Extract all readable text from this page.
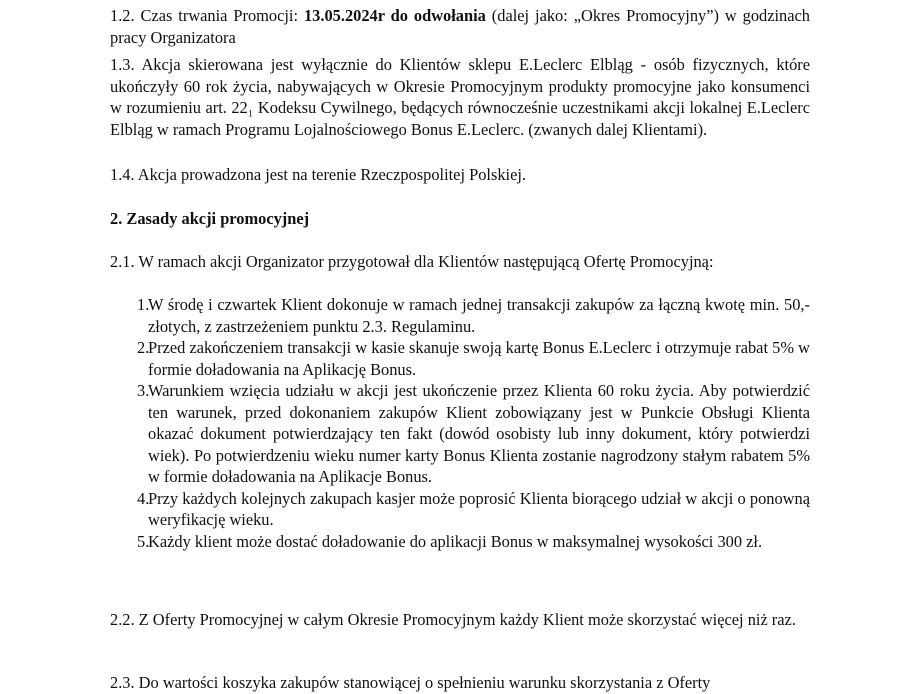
1.2. Czas trwania Promocji: 13.05.2024r do odwołania (dalej jako: „Okres Promocyjny”) w godzinach pracy Organizatora

1.3. Akcja skierowana jest wyłącznie do Klientów sklepu E.Leclerc Elbląg - osób fizycznych, które ukończyły 60 rok życia, nabywających w Okresie Promocyjnym produkty promocyjne jako konsumenci w rozumieniu art. 22₁ Kodeksu Cywilnego, będących równocześnie uczestnikami akcji lokalnej E.Leclerc Elbląg w ramach Programu Lojalnościowego Bonus E.Leclerc. (zwanych dalej Klientami).

1.4. Akcja prowadzona jest na terenie Rzeczpospolitej Polskiej.

2. Zasady akcji promocyjnej

2.1. W ramach akcji Organizator przygotował dla Klientów następującą Ofertę Promocyjną:

1.
W środę i czwartek Klient dokonuje w ramach jednej transakcji zakupów za łączną kwotę min. 50,- złotych, z zastrzeżeniem punktu 2.3. Regulaminu.
2.
Przed zakończeniem transakcji w kasie skanuje swoją kartę Bonus E.Leclerc i otrzymuje rabat 5% w formie doładowania na Aplikację Bonus.
3.
Warunkiem wzięcia udziału w akcji jest ukończenie przez Klienta 60 roku życia. Aby potwierdzić ten warunek, przed dokonaniem zakupów Klient zobowiązany jest w Punkcie Obsługi Klienta okazać dokument potwierdzający ten fakt (dowód osobisty lub inny dokument, który potwierdzi wiek). Po potwierdzeniu wieku numer karty Bonus Klienta zostanie nagrodzony stałym rabatem 5% w formie doładowania na Aplikacje Bonus.
4.
Przy każdych kolejnych zakupach kasjer może poprosić Klienta biorącego udział w akcji o ponowną weryfikację wieku.
5.
Każdy klient może dostać doładowanie do aplikacji Bonus w maksymalnej wysokości 300 zł.

2.2. Z Oferty Promocyjnej w całym Okresie Promocyjnym każdy Klient może skorzystać więcej niż raz.

2.3. Do wartości koszyka zakupów stanowiącej o spełnieniu warunku skorzystania z Oferty
